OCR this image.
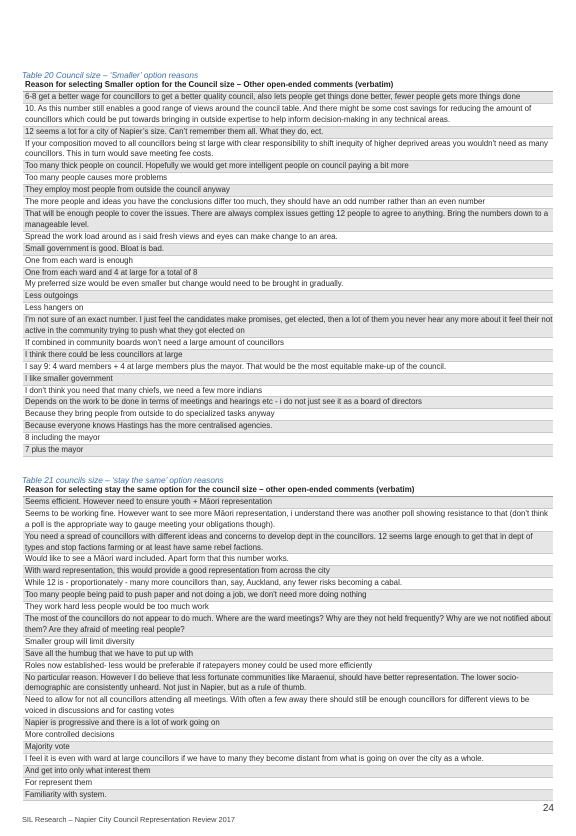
Table 20 Council size – ‘Smaller’ option reasons
Reason for selecting Smaller option for the Council size – Other open-ended comments (verbatim)
6-8 get a better wage for councillors to get a better quality council, also lets people get things done better, fewer people gets more things done
10. As this number still enables a good range of views around the council table. And there might be some cost savings for reducing the amount of councillors which could be put towards bringing in outside expertise to help inform decision-making in any technical areas.
12 seems a lot for a city of Napier’s size. Can’t remember them all. What they do, ect.
If your composition moved to all councillors being st large with clear responsibility to shift inequity of higher deprived areas you wouldn't need as many councillors. This in turn would save meeting fee costs.
Too many thick people on council. Hopefully we would get more intelligent people on council paying a bit more
Too many people causes more problems
They employ most people from outside the council anyway
The more people and ideas you have the conclusions differ too much, they should have an odd number rather than an even number
That will be enough people to cover the issues. There are always complex issues getting 12 people to agree to anything. Bring the numbers down to a manageable level.
Spread the work load around as i said fresh views and eyes can make change to an area.
Small government is good. Bloat is bad.
One from each ward is enough
One from each ward and 4 at large for a total of 8
My preferred size would be even smaller but change would need to be brought in gradually.
Less outgoings
Less hangers on
I'm not sure of an exact number. I just feel the candidates make promises, get elected, then a lot of them you never hear any more about it feel their not active in the community trying to push what they got elected on
If combined in community boards won't need a large amount of councillors
I think there could be less councillors at large
I say 9: 4 ward members + 4 at large members plus the mayor. That would be the most equitable make-up of the council.
I like smaller government
I don't think you need that many chiefs, we need a few more indians
Depends on the work to be done in terms of meetings and hearings etc - i do not just see it as a board of directors
Because they bring people from outside to do specialized tasks anyway
Because everyone knows Hastings has the more centralised agencies.
8 including the mayor
7 plus the mayor
Table 21 councils size – ‘stay the same’ option reasons
Reason for selecting stay the same option for the council size – other open-ended comments (verbatim)
Seems efficient. However need to ensure youth + Māori representation
Seems to be working fine. However want to see more Māori representation, i understand there was another poll showing resistance to that (don't think a poll is the appropriate way to gauge meeting your obligations though).
You need a spread of councillors with different ideas and concerns to develop dept in the councillors. 12 seems large enough to get that in dept of types and stop factions farming or at least have same rebel factions.
Would like to see a Māori ward included. Apart form that this number works.
With ward representation, this would provide a good representation from across the city
While 12 is - proportionately - many more councillors than, say, Auckland, any fewer risks becoming a cabal.
Too many people being paid to push paper and not doing a job, we don't need more doing nothing
They work hard less people would be too much work
The most of the councillors do not appear to do much. Where are the ward meetings? Why are they not held frequently? Why are we not notified about them? Are they afraid of meeting real people?
Smaller group will limit diversity
Save all the humbug that we have to put up with
Roles now established- less would be preferable if ratepayers money could be used more efficiently
No particular reason. However I do believe that less fortunate communities like Maraenui, should have better representation. The lower socio-demographic are consistently unheard. Not just in Napier, but as a rule of thumb.
Need to allow for not all councillors attending all meetings. With often a few away there should still be enough councillors for different views to be voiced in discussions and for casting votes
Napier is progressive and there is a lot of work going on
More controlled decisions
Majority vote
I feel it is even with ward at large councillors if we have to many they become distant from what is going on over the city as a whole.
And get into only what interest them
For represent them
Familiarity with system.
24
SIL Research – Napier City Council Representation Review 2017
